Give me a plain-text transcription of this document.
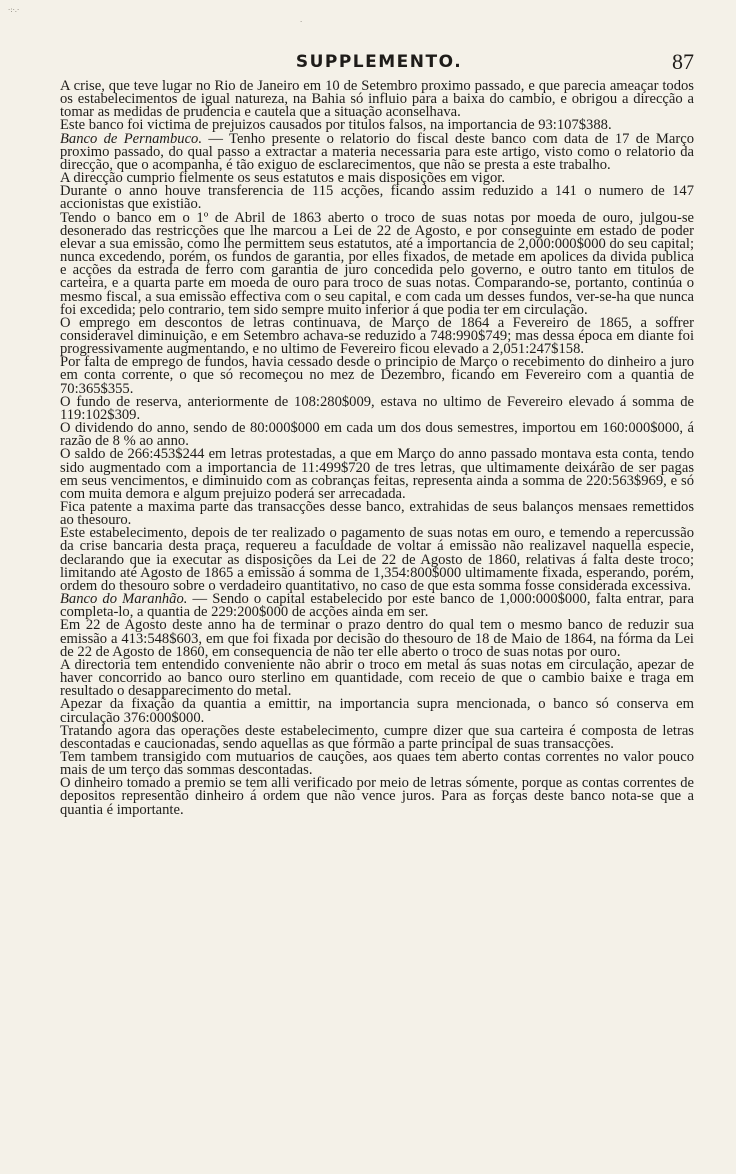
·:·.·
·
SUPPLEMENTO.	87

A crise, que teve lugar no Rio de Janeiro em 10 de Setembro proximo passado, e que parecia ameaçar todos os estabelecimentos de igual natureza, na Bahia só influio para a baixa do cambio, e obrigou a direcção a tomar as medidas de prudencia e cautela que a situação aconselhava.

Este banco foi victima de prejuizos causados por titulos falsos, na importancia de 93:107$388.

Banco de Pernambuco. — Tenho presente o relatorio do fiscal deste banco com data de 17 de Março proximo passado, do qual passo a extractar a materia necessaria para este artigo, visto como o relatorio da direcção, que o acompanha, é tão exiguo de esclarecimentos, que não se presta a este trabalho.

A direcção cumprio fielmente os seus estatutos e mais disposições em vigor.

Durante o anno houve transferencia de 115 acções, ficando assim reduzido a 141 o numero de 147 accionistas que existião.

Tendo o banco em o 1º de Abril de 1863 aberto o troco de suas notas por moeda de ouro, julgou-se desonerado das restricções que lhe marcou a Lei de 22 de Agosto, e por conseguinte em estado de poder elevar a sua emissão, como lhe permittem seus estatutos, até a importancia de 2,000:000$000 do seu capital; nunca excedendo, porém, os fundos de garantia, por elles fixados, de metade em apolices da divida publica e acções da estrada de ferro com garantia de juro concedida pelo governo, e outro tanto em titulos de carteira, e a quarta parte em moeda de ouro para troco de suas notas. Comparando-se, portanto, continúa o mesmo fiscal, a sua emissão effectiva com o seu capital, e com cada um desses fundos, ver-se-ha que nunca foi excedida; pelo contrario, tem sido sempre muito inferior á que podia ter em circulação.

O emprego em descontos de letras continuava, de Março de 1864 a Fevereiro de 1865, a soffrer consideravel diminuição, e em Setembro achava-se reduzido a 748:990$749; mas dessa época em diante foi progressivamente augmentando, e no ultimo de Fevereiro ficou elevado a 2,051:247$158.

Por falta de emprego de fundos, havia cessado desde o principio de Março o recebimento do dinheiro a juro em conta corrente, o que só recomeçou no mez de Dezembro, ficando em Fevereiro com a quantia de 70:365$355.

O fundo de reserva, anteriormente de 108:280$009, estava no ultimo de Fevereiro elevado á somma de 119:102$309.

O dividendo do anno, sendo de 80:000$000 em cada um dos dous semestres, importou em 160:000$000, á razão de 8 % ao anno.

O saldo de 266:453$244 em letras protestadas, a que em Março do anno passado montava esta conta, tendo sido augmentado com a importancia de 11:499$720 de tres letras, que ultimamente deixárão de ser pagas em seus vencimentos, e diminuido com as cobranças feitas, representa ainda a somma de 220:563$969, e só com muita demora e algum prejuizo poderá ser arrecadada.

Fica patente a maxima parte das transacções desse banco, extrahidas de seus balanços mensaes remettidos ao thesouro.

Este estabelecimento, depois de ter realizado o pagamento de suas notas em ouro, e temendo a repercussão da crise bancaria desta praça, requereu a faculdade de voltar á emissão não realizavel naquella especie, declarando que ia executar as disposições da Lei de 22 de Agosto de 1860, relativas á falta deste troco; limitando até Agosto de 1865 a emissão á somma de 1,354:800$000 ultimamente fixada, esperando, porém, ordem do thesouro sobre o verdadeiro quantitativo, no caso de que esta somma fosse considerada excessiva.

Banco do Maranhão. — Sendo o capital estabelecido por este banco de 1,000:000$000, falta entrar, para completa-lo, a quantia de 229:200$000 de acções ainda em ser.

Em 22 de Agosto deste anno ha de terminar o prazo dentro do qual tem o mesmo banco de reduzir sua emissão a 413:548$603, em que foi fixada por decisão do thesouro de 18 de Maio de 1864, na fórma da Lei de 22 de Agosto de 1860, em consequencia de não ter elle aberto o troco de suas notas por ouro.

A directoria tem entendido conveniente não abrir o troco em metal ás suas notas em circulação, apezar de haver concorrido ao banco ouro sterlino em quantidade, com receio de que o cambio baixe e traga em resultado o desapparecimento do metal.

Apezar da fixação da quantia a emittir, na importancia supra mencionada, o banco só conserva em circulação 376:000$000.

Tratando agora das operações deste estabelecimento, cumpre dizer que sua carteira é composta de letras descontadas e caucionadas, sendo aquellas as que fórmão a parte principal de suas transacções.

Tem tambem transigido com mutuarios de cauções, aos quaes tem aberto contas correntes no valor pouco mais de um terço das sommas descontadas.

O dinheiro tomado a premio se tem alli verificado por meio de letras sómente, porque as contas correntes de depositos representão dinheiro á ordem que não vence juros. Para as forças deste banco nota-se que a quantia é importante.
